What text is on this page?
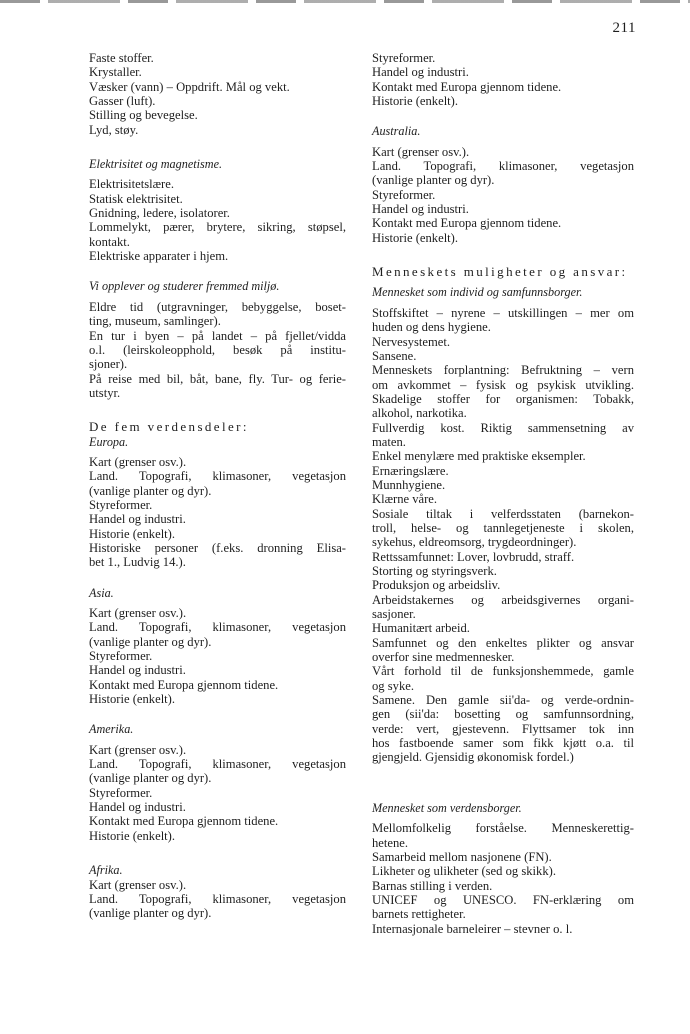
211
Faste stoffer.
Krystaller.
Væsker (vann) – Oppdrift. Mål og vekt.
Gasser (luft).
Stilling og bevegelse.
Lyd, støy.
Elektrisitet og magnetisme.
Elektrisitetslære.
Statisk elektrisitet.
Gnidning, ledere, isolatorer.
Lommelykt, pærer, brytere, sikring, støpsel,
kontakt.
Elektriske apparater i hjem.
Vi opplever og studerer fremmed miljø.
Eldre tid (utgravninger, bebyggelse, boset-
ting, museum, samlinger).
En tur i byen – på landet – på fjellet/vidda
o.l. (leirskoleopphold, besøk på institu-
sjoner).
På reise med bil, båt, bane, fly. Tur- og ferie-
utstyr.
De fem verdensdeler:
Europa.
Kart (grenser osv.).
Land. Topografi, klimasoner, vegetasjon
(vanlige planter og dyr).
Styreformer.
Handel og industri.
Historie (enkelt).
Historiske personer (f.eks. dronning Elisa-
bet 1., Ludvig 14.).
Asia.
Kart (grenser osv.).
Land. Topografi, klimasoner, vegetasjon
(vanlige planter og dyr).
Styreformer.
Handel og industri.
Kontakt med Europa gjennom tidene.
Historie (enkelt).
Amerika.
Kart (grenser osv.).
Land. Topografi, klimasoner, vegetasjon
(vanlige planter og dyr).
Styreformer.
Handel og industri.
Kontakt med Europa gjennom tidene.
Historie (enkelt).
Afrika.
Kart (grenser osv.).
Land. Topografi, klimasoner, vegetasjon
(vanlige planter og dyr).
Styreformer.
Handel og industri.
Kontakt med Europa gjennom tidene.
Historie (enkelt).
Australia.
Kart (grenser osv.).
Land. Topografi, klimasoner, vegetasjon
(vanlige planter og dyr).
Styreformer.
Handel og industri.
Kontakt med Europa gjennom tidene.
Historie (enkelt).
Menneskets muligheter og ansvar:
Mennesket som individ og samfunnsborger.
Stoffskiftet – nyrene – utskillingen – mer om
huden og dens hygiene.
Nervesystemet.
Sansene.
Menneskets forplantning: Befruktning – vern
om avkommet – fysisk og psykisk utvikling.
Skadelige stoffer for organismen: Tobakk,
alkohol, narkotika.
Fullverdig kost. Riktig sammensetning av
maten.
Enkel menylære med praktiske eksempler.
Ernæringslære.
Munnhygiene.
Klærne våre.
Sosiale tiltak i velferdsstaten (barnekon-
troll, helse- og tannlegetjeneste i skolen,
sykehus, eldreomsorg, trygdeordninger).
Rettssamfunnet: Lover, lovbrudd, straff.
Storting og styringsverk.
Produksjon og arbeidsliv.
Arbeidstakernes og arbeidsgivernes organi-
sasjoner.
Humanitært arbeid.
Samfunnet og den enkeltes plikter og ansvar
overfor sine medmennesker.
Vårt forhold til de funksjonshemmede, gamle
og syke.
Samene. Den gamle sii'da- og verde-ordnin-
gen (sii'da: bosetting og samfunnsordning,
verde: vert, gjestevenn. Flyttsamer tok inn
hos fastboende samer som fikk kjøtt o.a. til
gjengjeld. Gjensidig økonomisk fordel.)
Mennesket som verdensborger.
Mellomfolkelig forståelse. Menneskerettig-
hetene.
Samarbeid mellom nasjonene (FN).
Likheter og ulikheter (sed og skikk).
Barnas stilling i verden.
UNICEF og UNESCO. FN-erklæring om
barnets rettigheter.
Internasjonale barneleirer – stevner o. l.
